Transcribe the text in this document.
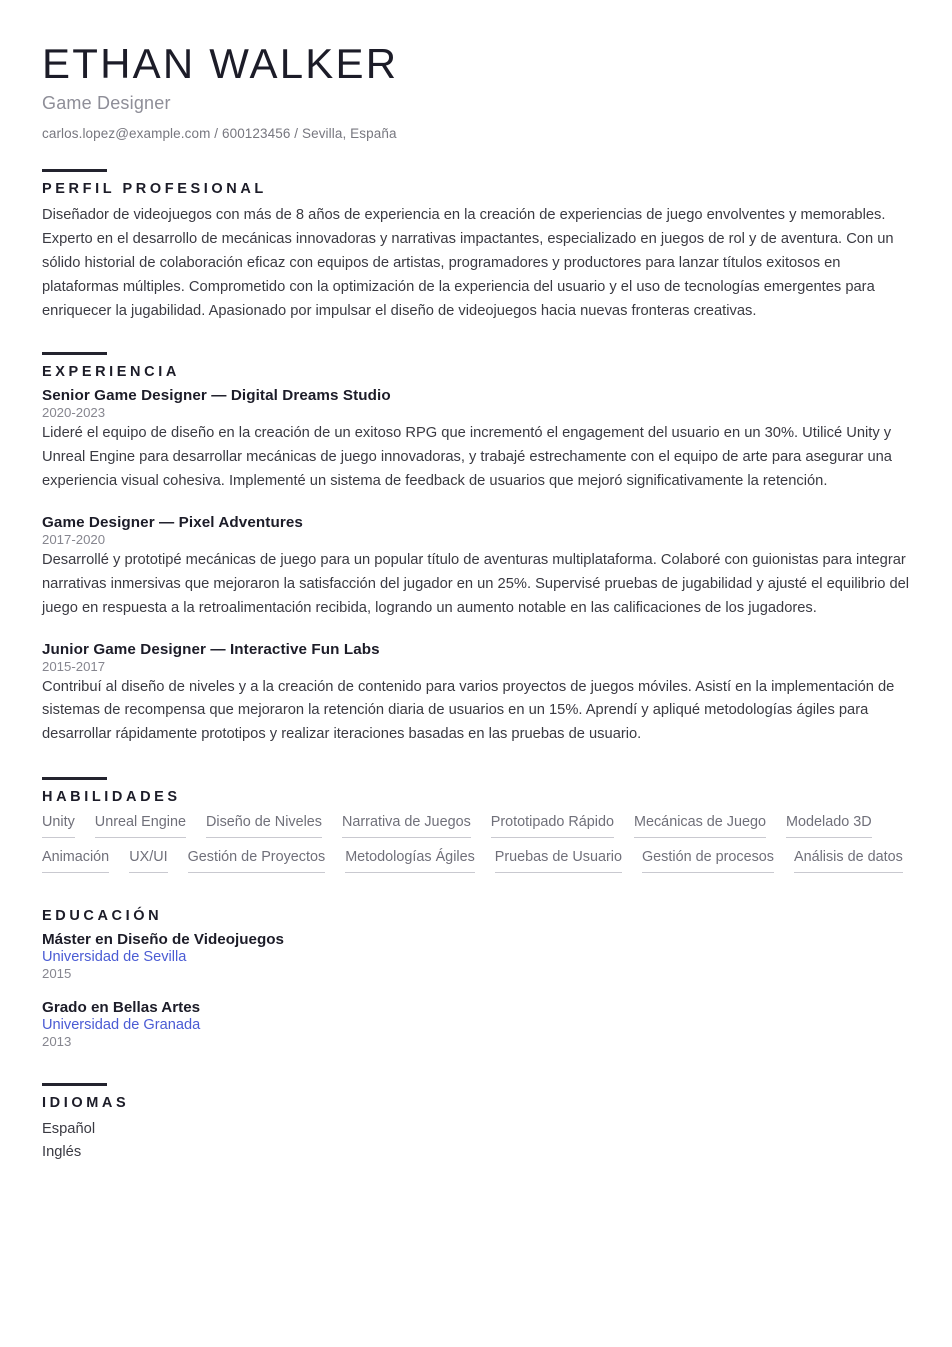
ETHAN WALKER
Game Designer
carlos.lopez@example.com / 600123456 / Sevilla, España
PERFIL PROFESIONAL

Diseñador de videojuegos con más de 8 años de experiencia en la creación de experiencias de juego envolventes y memorables. Experto en el desarrollo de mecánicas innovadoras y narrativas impactantes, especializado en juegos de rol y de aventura. Con un sólido historial de colaboración eficaz con equipos de artistas, programadores y productores para lanzar títulos exitosos en plataformas múltiples. Comprometido con la optimización de la experiencia del usuario y el uso de tecnologías emergentes para enriquecer la jugabilidad. Apasionado por impulsar el diseño de videojuegos hacia nuevas fronteras creativas.

EXPERIENCIA
Senior Game Designer — Digital Dreams Studio
2020-2023

Lideré el equipo de diseño en la creación de un exitoso RPG que incrementó el engagement del usuario en un 30%. Utilicé Unity y Unreal Engine para desarrollar mecánicas de juego innovadoras, y trabajé estrechamente con el equipo de arte para asegurar una experiencia visual cohesiva. Implementé un sistema de feedback de usuarios que mejoró significativamente la retención.

Game Designer — Pixel Adventures
2017-2020

Desarrollé y prototipé mecánicas de juego para un popular título de aventuras multiplataforma. Colaboré con guionistas para integrar narrativas inmersivas que mejoraron la satisfacción del jugador en un 25%. Supervisé pruebas de jugabilidad y ajusté el equilibrio del juego en respuesta a la retroalimentación recibida, logrando un aumento notable en las calificaciones de los jugadores.

Junior Game Designer — Interactive Fun Labs
2015-2017

Contribuí al diseño de niveles y a la creación de contenido para varios proyectos de juegos móviles. Asistí en la implementación de sistemas de recompensa que mejoraron la retención diaria de usuarios en un 15%. Aprendí y apliqué metodologías ágiles para desarrollar rápidamente prototipos y realizar iteraciones basadas en las pruebas de usuario.

HABILIDADES
Unity Unreal Engine Diseño de Niveles Narrativa de Juegos Prototipado Rápido Mecánicas de Juego Modelado 3D
Animación UX/UI Gestión de Proyectos Metodologías Ágiles Pruebas de Usuario Gestión de procesos Análisis de datos
EDUCACIÓN
Máster en Diseño de Videojuegos
Universidad de Sevilla
2015
Grado en Bellas Artes
Universidad de Granada
2013
IDIOMAS

Español

Inglés
